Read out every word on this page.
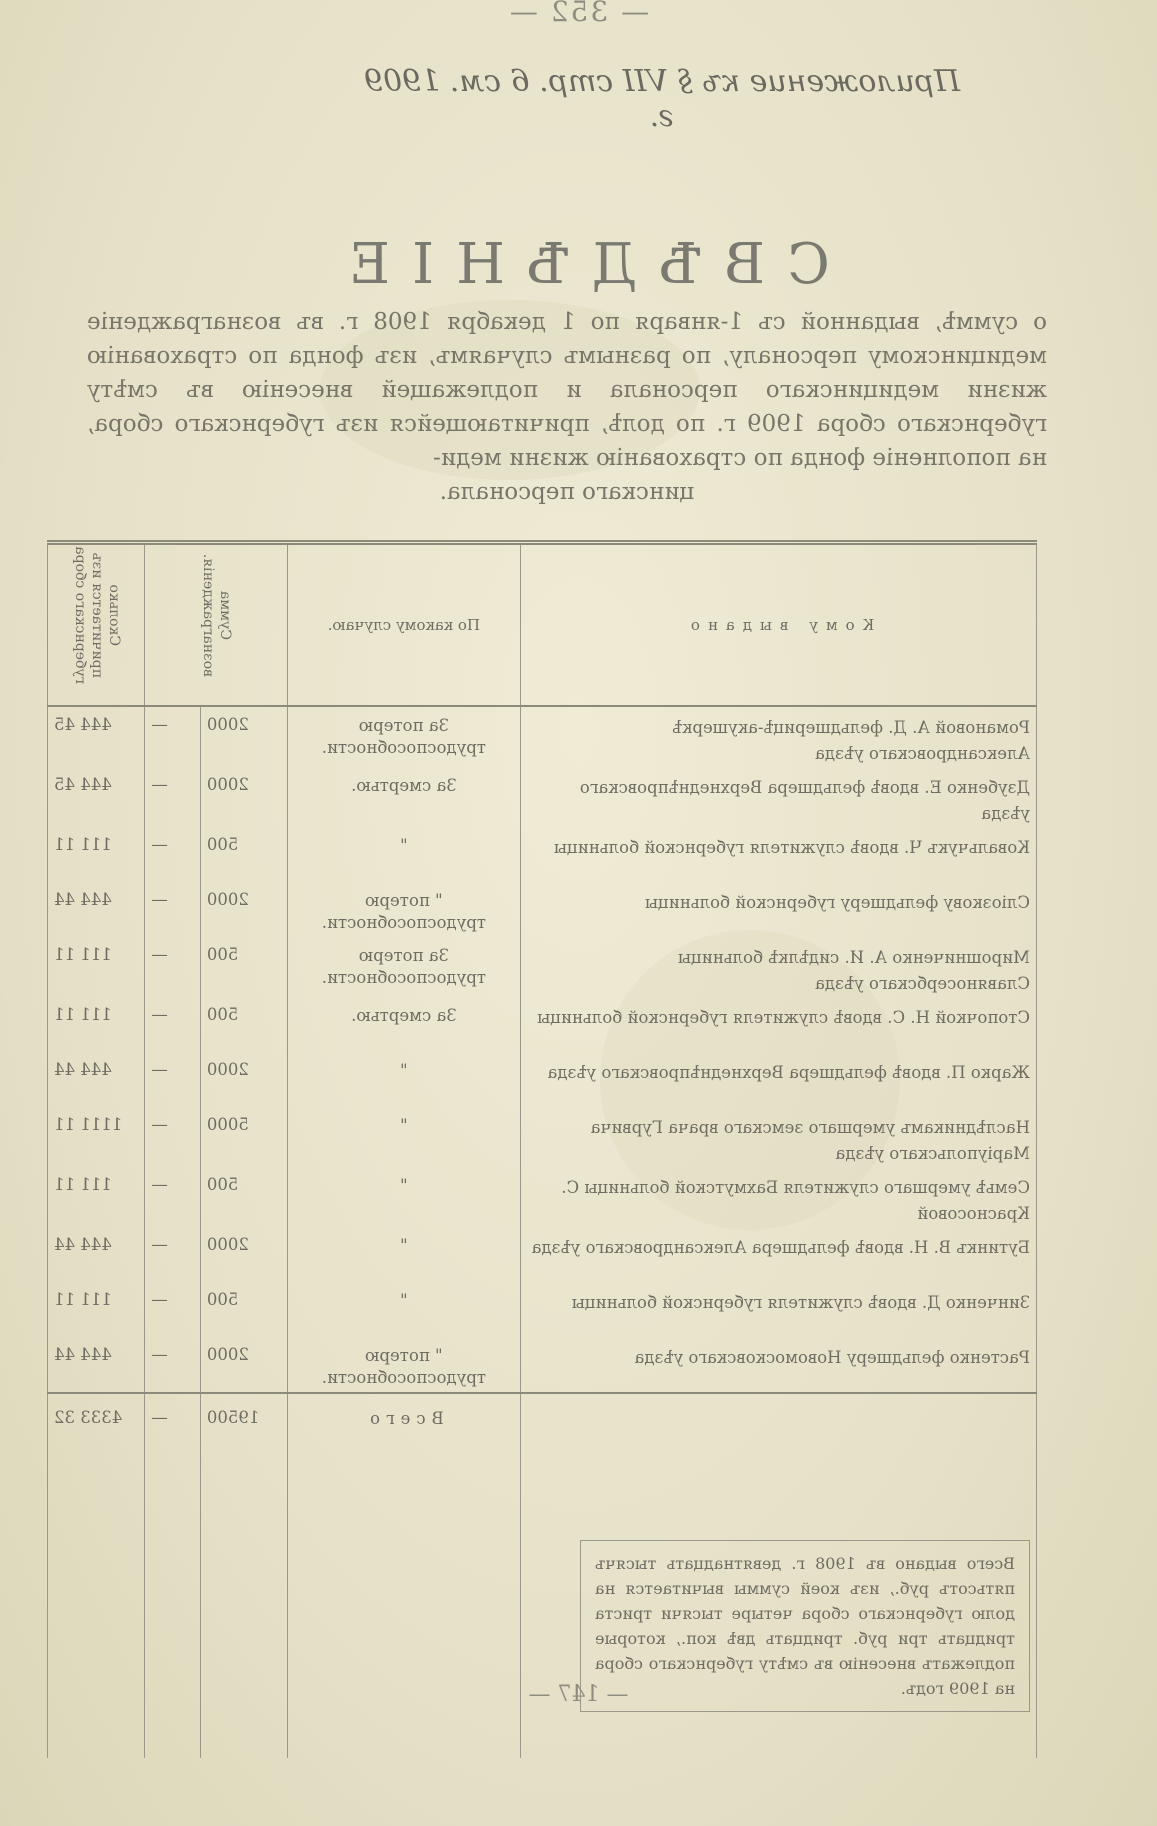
— 352 —
Приложение къ § VII стр. 6 см. 1909 г.
СВѢДѢНІЕ
о суммѣ, выданной съ 1-января по 1 декабря 1908 г. въ вознагражденіе медицинскому персоналу, по разнымъ случаямъ, изъ фонда по страхованію жизни медицинскаго персонала и подлежащей внесенію въ смѣту губернскаго сбора 1909 г. по долѣ, причитающейся изъ губернскаго сбора, на пополненіе фонда по страхованію жизни меди-
цинскаго персонала.
Кому выдано	По какому случаю.	Сумма вознагражденія.		Сколько причитается изъ губернскаго сбора

Романовой А. Д. фельдшерицѣ-акушеркѣ Александровскаго уѣзда	За потерю трудоспособности.	2000	—	444 45
Дзубенко Е. вдовѣ фельдшера Верхнеднѣпровскаго уѣзда	За смертью.	2000	—	444 45
Ковальчукъ Ч. вдовѣ служителя губернской больницы	"	500	—	111 11
Сліозкову фельдшеру губернской больницы	" потерю трудоспособности.	2000	—	444 44
Мирошниченко А. И. сидѣлкѣ больницы Славяносербскаго уѣзда	За потерю трудоспособности.	500	—	111 11
Стопочкой Н. С. вдовѣ служителя губернской больницы	За смертью.	500	—	111 11
Жарко П. вдовѣ фельдшера Верхнеднѣпровскаго уѣзда	"	2000	—	444 44
Наслѣдникамъ умершаго земскаго врача Гурвича Маріупольскаго уѣзда	"	5000	—	1111 11
Семьѣ умершаго служителя Бахмутской больницы С. Красносовой	"	500	—	111 11
Бутинкъ В. Н. вдовѣ фельдшера Александровскаго уѣзда	"	2000	—	444 44
Зинченко Д. вдовѣ служителя губернской больницы	"	500	—	111 11
Растенко фельдшеру Новомосковскаго уѣзда	" потерю трудоспособности.	2000	—	444 44
	Всего	19500	—	4333 32

Всего выдано въ 1908 г. девятнадцать тысячъ пятьсотъ руб., изъ коей суммы вычитается на долю губернскаго сбора четыре тысячи триста тридцать три руб. тридцать двѣ коп., которые подлежатъ внесенію въ смѣту губернскаго сбора на 1909 годъ.				

— 147 —
